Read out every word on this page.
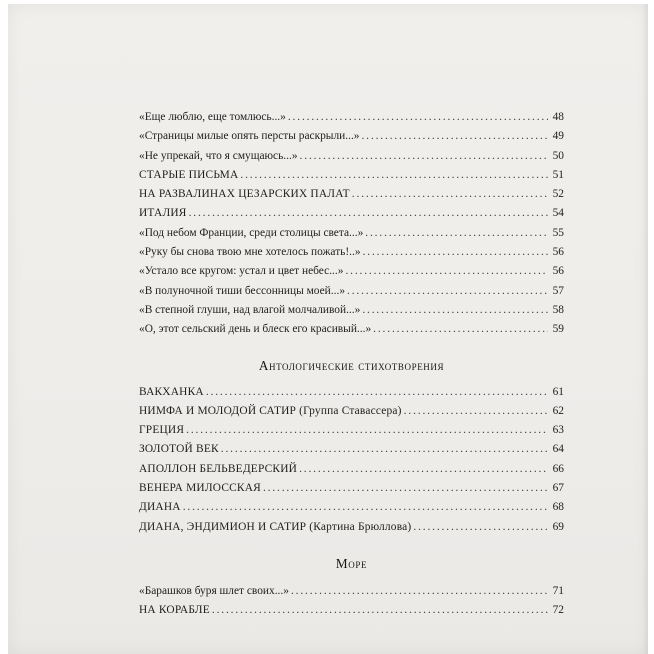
«Еще люблю, еще томлюсь...» . . .	48
«Страницы милые опять персты раскрыли...» . . .	49
«Не упрекай, что я смущаюсь...» . . .	50
СТАРЫЕ ПИСЬМА . . .	51
НА РАЗВАЛИНАХ ЦЕЗАРСКИХ ПАЛАТ . . .	52
ИТАЛИЯ . . .	54
«Под небом Франции, среди столицы света...» . . .	55
«Руку бы снова твою мне хотелось пожать!..» . . .	56
«Устало все кругом: устал и цвет небес...» . . .	56
«В полуночной тиши бессонницы моей...» . . .	57
«В степной глуши, над влагой молчаливой...» . . .	58
«О, этот сельский день и блеск его красивый...» . . .	59
Антологические стихотворения
ВАКХАНКА . . .	61
НИМФА И МОЛОДОЙ САТИР (Группа Ставассера) . . .	62
ГРЕЦИЯ . . .	63
ЗОЛОТОЙ ВЕК . . .	64
АПОЛЛОН БЕЛЬВЕДЕРСКИЙ . . .	66
ВЕНЕРА МИЛОССКАЯ . . .	67
ДИАНА . . .	68
ДИАНА, ЭНДИМИОН И САТИР (Картина Брюллова) . . .	69
Море
«Барашков буря шлет своих...» . . .	71
НА КОРАБЛЕ . . .	72
